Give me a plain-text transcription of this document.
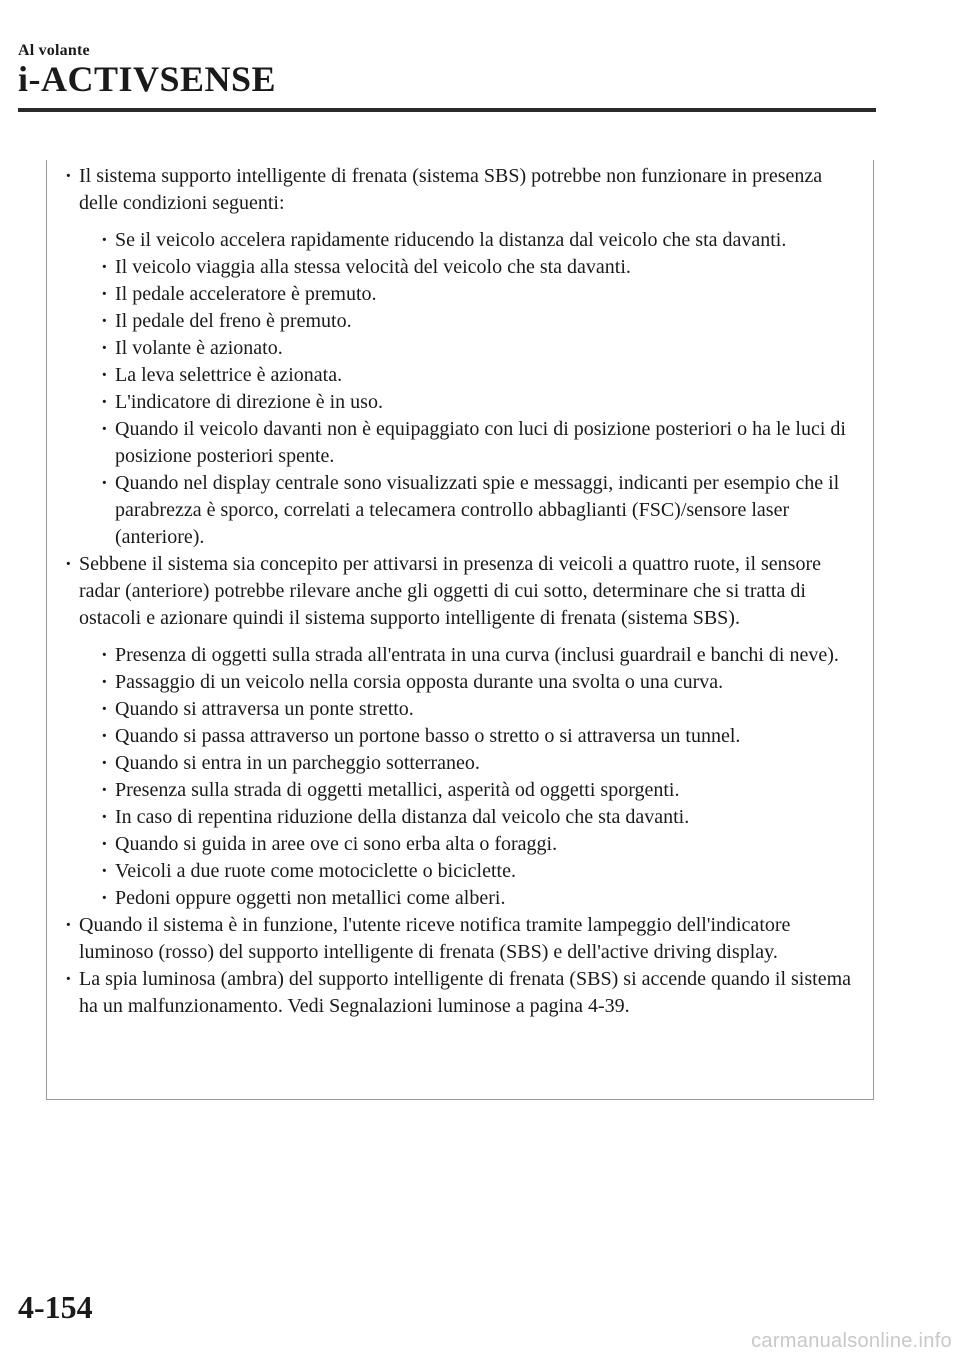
Al volante
i-ACTIVSENSE
· Il sistema supporto intelligente di frenata (sistema SBS) potrebbe non funzionare in presenza delle condizioni seguenti:
· Se il veicolo accelera rapidamente riducendo la distanza dal veicolo che sta davanti.
· Il veicolo viaggia alla stessa velocità del veicolo che sta davanti.
· Il pedale acceleratore è premuto.
· Il pedale del freno è premuto.
· Il volante è azionato.
· La leva selettrice è azionata.
· L'indicatore di direzione è in uso.
· Quando il veicolo davanti non è equipaggiato con luci di posizione posteriori o ha le luci di posizione posteriori spente.
· Quando nel display centrale sono visualizzati spie e messaggi, indicanti per esempio che il parabrezza è sporco, correlati a telecamera controllo abbaglianti (FSC)/sensore laser (anteriore).
· Sebbene il sistema sia concepito per attivarsi in presenza di veicoli a quattro ruote, il sensore radar (anteriore) potrebbe rilevare anche gli oggetti di cui sotto, determinare che si tratta di ostacoli e azionare quindi il sistema supporto intelligente di frenata (sistema SBS).
· Presenza di oggetti sulla strada all'entrata in una curva (inclusi guardrail e banchi di neve).
· Passaggio di un veicolo nella corsia opposta durante una svolta o una curva.
· Quando si attraversa un ponte stretto.
· Quando si passa attraverso un portone basso o stretto o si attraversa un tunnel.
· Quando si entra in un parcheggio sotterraneo.
· Presenza sulla strada di oggetti metallici, asperità od oggetti sporgenti.
· In caso di repentina riduzione della distanza dal veicolo che sta davanti.
· Quando si guida in aree ove ci sono erba alta o foraggi.
· Veicoli a due ruote come motociclette o biciclette.
· Pedoni oppure oggetti non metallici come alberi.
· Quando il sistema è in funzione, l'utente riceve notifica tramite lampeggio dell'indicatore luminoso (rosso) del supporto intelligente di frenata (SBS) e dell'active driving display.
· La spia luminosa (ambra) del supporto intelligente di frenata (SBS) si accende quando il sistema ha un malfunzionamento. Vedi Segnalazioni luminose a pagina 4-39.
4-154
carmanualsonline.info
